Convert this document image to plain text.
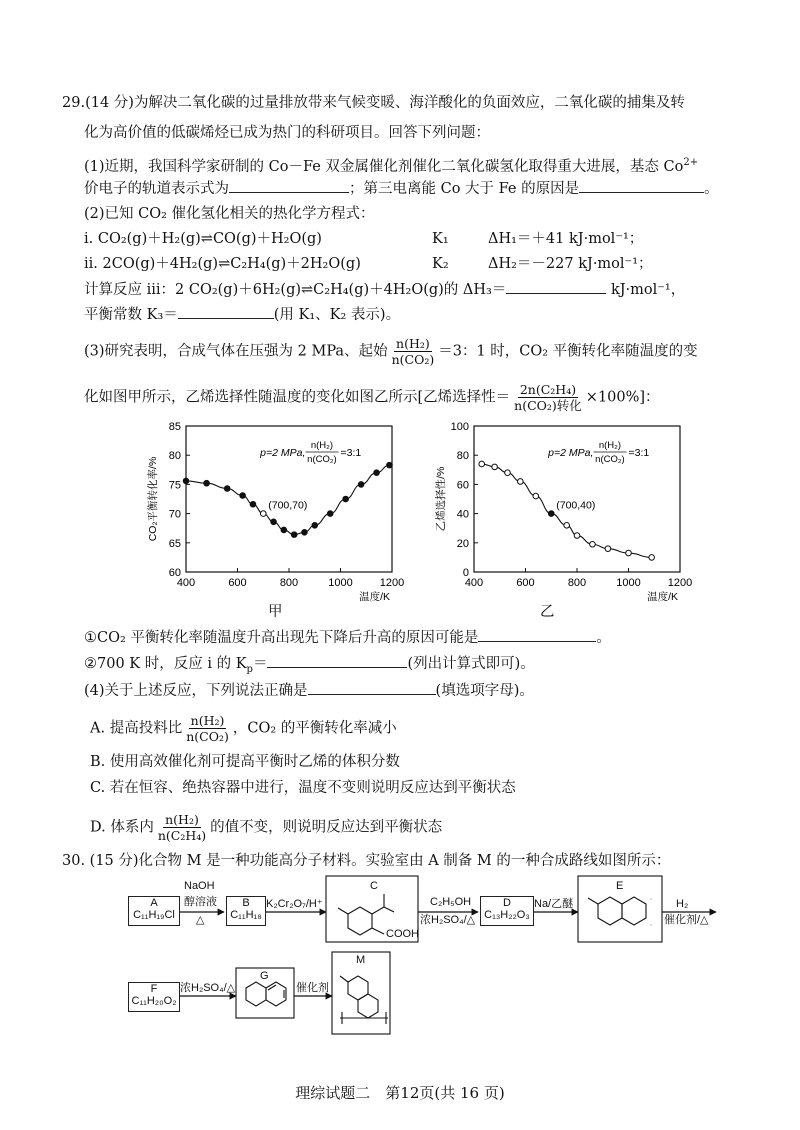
29.(14 分)为解决二氧化碳的过量排放带来气候变暖、海洋酸化的负面效应，二氧化碳的捕集及转
化为高价值的低碳烯烃已成为热门的科研项目。回答下列问题：
(1)近期，我国科学家研制的 Co－Fe 双金属催化剂催化二氧化碳氢化取得重大进展，基态 $Co^{2+}$
价电子的轨道表示式为	；第三电离能 Co 大于 Fe 的原因是	。
(2)已知 CO₂ 催化氢化相关的热化学方程式：
i. CO₂(g)＋H₂(g)⇌CO(g)＋H₂O(g)	K₁	ΔH₁＝＋41 kJ·mol⁻¹；
ii. 2CO(g)＋4H₂(g)⇌C₂H₄(g)＋2H₂O(g)	K₂	ΔH₂＝－227 kJ·mol⁻¹；
计算反应 iii：2 CO₂(g)＋6H₂(g)⇌C₂H₄(g)＋4H₂O(g)的 ΔH₃＝	kJ·mol⁻¹，
平衡常数 K₃＝	(用 K₁、K₂ 表示)。
(3)研究表明，合成气体在压强为 2 MPa、起始 $\frac{\text{n(H₂)}}{\text{n(CO₂)}} =3$：1 时，CO₂ 平衡转化率随温度的变
化如图甲所示，乙烯选择性随温度的变化如图乙所示[乙烯选择性＝ $\frac{\text{2n(C₂H₄)}}{\text{n(CO₂)转化}} \times 100\%$]：
400	600	800	1000 1200
60
65
70
75
80
85
温度/K
CO₂平衡转化率/%
p=2 MPa,
n(H₂)
n(CO₂)
=3:1
(700,70)
400	600	800	1000 1200
0
20
40
60
80
100
温度/K
乙烯选择性/%
p=2 MPa,
n(H₂)
n(CO₂)
=3:1
(700,40)
甲	乙
①CO₂ 平衡转化率随温度升高出现先下降后升高的原因可能是	。
②700 K 时，反应 i 的 $K_p=$	(列出计算式即可)。
(4)关于上述反应，下列说法正确是	(填选项字母)。
A. 提高投料比 $\frac{\text{n(H₂)}}{\text{n(CO₂)}}$ ，CO₂ 的平衡转化率减小
B. 使用高效催化剂可提高平衡时乙烯的体积分数
C. 若在恒容、绝热容器中进行，温度不变则说明反应达到平衡状态
D. 体系内 $\frac{\text{n(H₂)}}{\text{n(C₂H₄)}}$ 的值不变，则说明反应达到平衡状态
30. (15 分)化合物 M 是一种功能高分子材料。实验室由 A 制备 M 的一种合成路线如图所示：
A
C₁₁H₁₉Cl
B
C₁₁H₁₈
C
COOH
D
C₁₃H₂₂O₃
E
F
C₁₁H₂₀O₂
G
M
NaOH
醇溶液
△
K₂Cr₂O₇/H⁺	C₂H₅OH
浓H₂SO₄/△
Na/乙醚	H₂
催化剂/△
浓H₂SO₄/△	催化剂
理综试题二　第12页(共 16 页)
